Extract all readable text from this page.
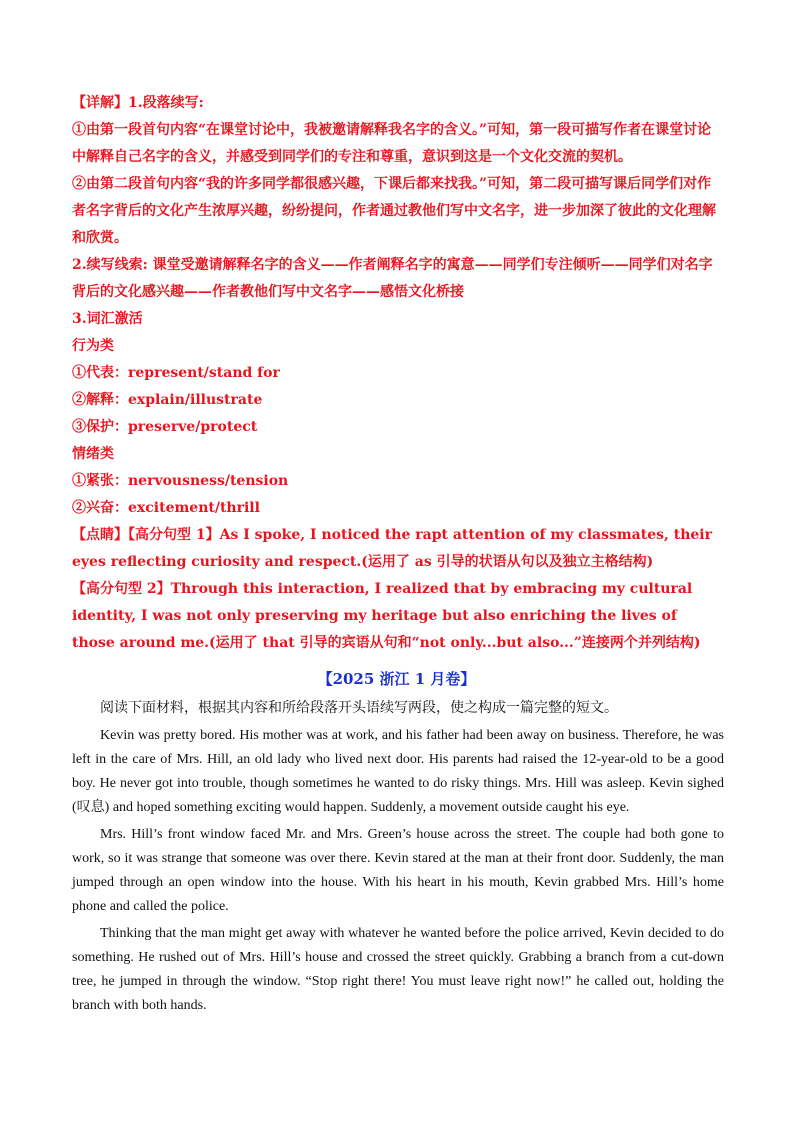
【详解】1.段落续写:

①由第一段首句内容“在课堂讨论中，我被邀请解释我名字的含义。”可知，第一段可描写作者在课堂讨论中解释自己名字的含义，并感受到同学们的专注和尊重，意识到这是一个文化交流的契机。

②由第二段首句内容“我的许多同学都很感兴趣，下课后都来找我。”可知，第二段可描写课后同学们对作者名字背后的文化产生浓厚兴趣，纷纷提问，作者通过教他们写中文名字，进一步加深了彼此的文化理解和欣赏。

2.续写线索: 课堂受邀请解释名字的含义——作者阐释名字的寓意——同学们专注倾听——同学们对名字背后的文化感兴趣——作者教他们写中文名字——感悟文化桥接

3.词汇激活

行为类

①代表：represent/stand for

②解释：explain/illustrate

③保护：preserve/protect

情绪类

①紧张：nervousness/tension

②兴奋：excitement/thrill

【点睛】【高分句型 1】As I spoke, I noticed the rapt attention of my classmates, their eyes reflecting curiosity and respect.(运用了 as 引导的状语从句以及独立主格结构)

【高分句型 2】Through this interaction, I realized that by embracing my cultural identity, I was not only preserving my heritage but also enriching the lives of those around me.(运用了 that 引导的宾语从句和“not only...but also...”连接两个并列结构)

【2025 浙江 1 月卷】

阅读下面材料，根据其内容和所给段落开头语续写两段，使之构成一篇完整的短文。

Kevin was pretty bored. His mother was at work, and his father had been away on business. Therefore, he was left in the care of Mrs. Hill, an old lady who lived next door. His parents had raised the 12-year-old to be a good boy. He never got into trouble, though sometimes he wanted to do risky things. Mrs. Hill was asleep. Kevin sighed (叹息) and hoped something exciting would happen. Suddenly, a movement outside caught his eye.

Mrs. Hill’s front window faced Mr. and Mrs. Green’s house across the street. The couple had both gone to work, so it was strange that someone was over there. Kevin stared at the man at their front door. Suddenly, the man jumped through an open window into the house. With his heart in his mouth, Kevin grabbed Mrs. Hill’s home phone and called the police.

Thinking that the man might get away with whatever he wanted before the police arrived, Kevin decided to do something. He rushed out of Mrs. Hill’s house and crossed the street quickly. Grabbing a branch from a cut-down tree, he jumped in through the window. “Stop right there! You must leave right now!” he called out, holding the branch with both hands.
